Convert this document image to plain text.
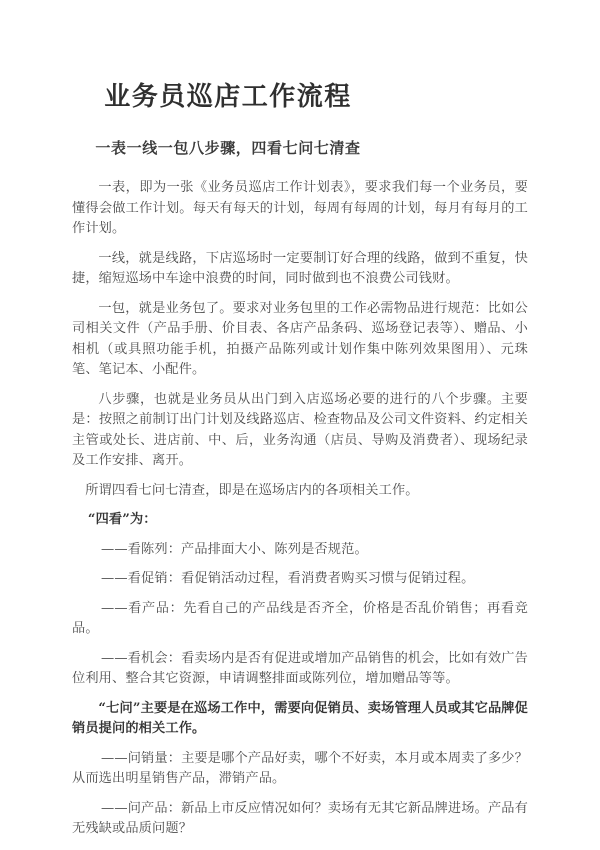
业务员巡店工作流程
一表一线一包八步骤，四看七问七清查

一表，即为一张《业务员巡店工作计划表》，要求我们每一个业务员，要懂得会做工作计划。每天有每天的计划，每周有每周的计划，每月有每月的工作计划。

一线，就是线路，下店巡场时一定要制订好合理的线路，做到不重复，快捷，缩短巡场中车途中浪费的时间，同时做到也不浪费公司钱财。

一包，就是业务包了。要求对业务包里的工作必需物品进行规范：比如公司相关文件（产品手册、价目表、各店产品条码、巡场登记表等）、赠品、小相机（或具照功能手机，拍摄产品陈列或计划作集中陈列效果图用）、元珠笔、笔记本、小配件。

八步骤，也就是业务员从出门到入店巡场必要的进行的八个步骤。主要是：按照之前制订出门计划及线路巡店、检查物品及公司文件资料、约定相关主管或处长、进店前、中、后，业务沟通（店员、导购及消费者）、现场纪录及工作安排、离开。

所谓四看七问七清查，即是在巡场店内的各项相关工作。

“四看”为：

——看陈列：产品排面大小、陈列是否规范。

——看促销：看促销活动过程，看消费者购买习惯与促销过程。

——看产品：先看自己的产品线是否齐全，价格是否乱价销售；再看竞品。

——看机会：看卖场内是否有促进或增加产品销售的机会，比如有效广告位利用、整合其它资源，申请调整排面或陈列位，增加赠品等等。

“七问”主要是在巡场工作中，需要向促销员、卖场管理人员或其它品牌促销员提问的相关工作。

——问销量：主要是哪个产品好卖，哪个不好卖，本月或本周卖了多少？从而选出明星销售产品，滞销产品。

——问产品：新品上市反应情况如何？卖场有无其它新品牌进场。产品有无残缺或品质问题？
